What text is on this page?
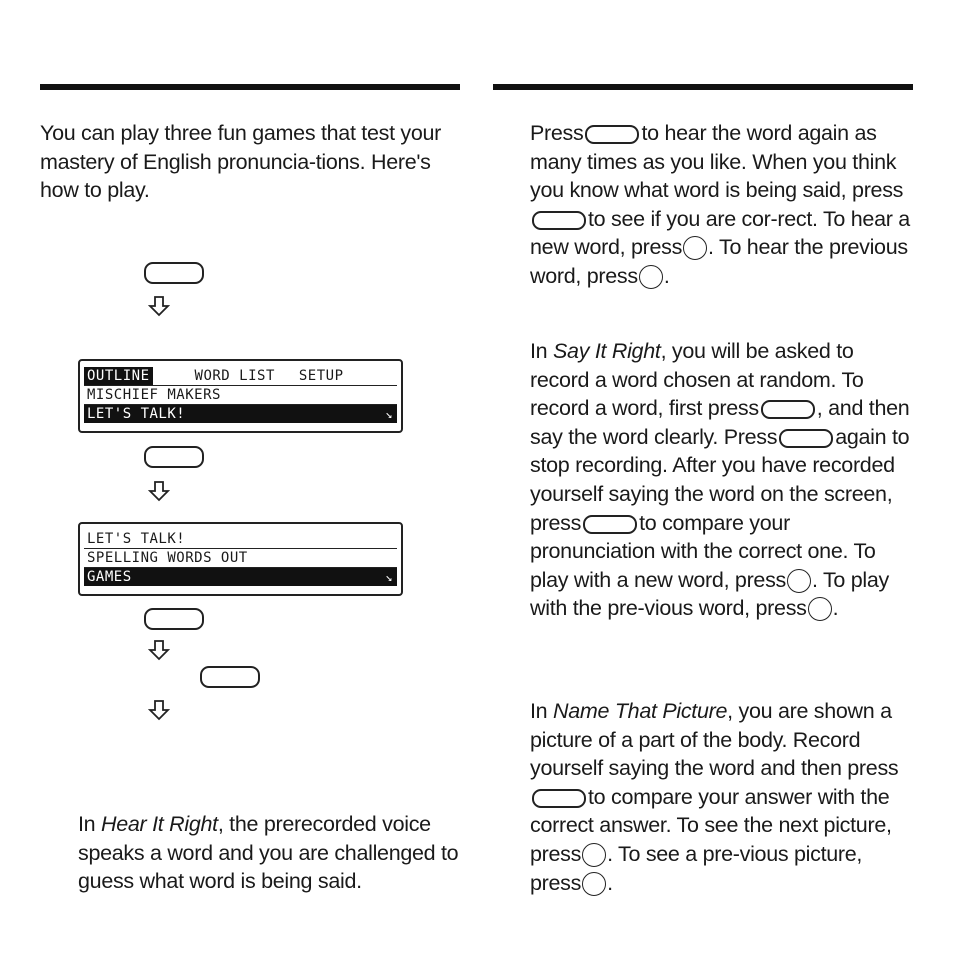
You can play three fun games that test your mastery of English pronuncia-tions. Here's how to play.

OUTLINE	WORD LIST SETUP
MISCHIEF MAKERS
LET'S TALK!	↘
LET'S TALK!
SPELLING WORDS OUT
GAMES	↘

In Hear It Right, the prerecorded voice speaks a word and you are challenged to guess what word is being said.

Press	to hear the word again as many times as you like. When you think you know what word is being said, pressto see if you are cor-rect. To hear a new word, press . To hear the previous word, press .

In Say It Right, you will be asked to record a word chosen at random. To record a word, first press	, and then say the word clearly. Press	again to stop recording. After you have recorded yourself saying the word on the screen, press	to compare your pronunciation with the correct one. To play with a new word, press . To play with the pre-vious word, press .

In Name That Picture, you are shown a picture of a part of the body. Record yourself saying the word and then pressto compare your answer with the correct answer. To see the next picture, press . To see a pre-vious picture, press .
